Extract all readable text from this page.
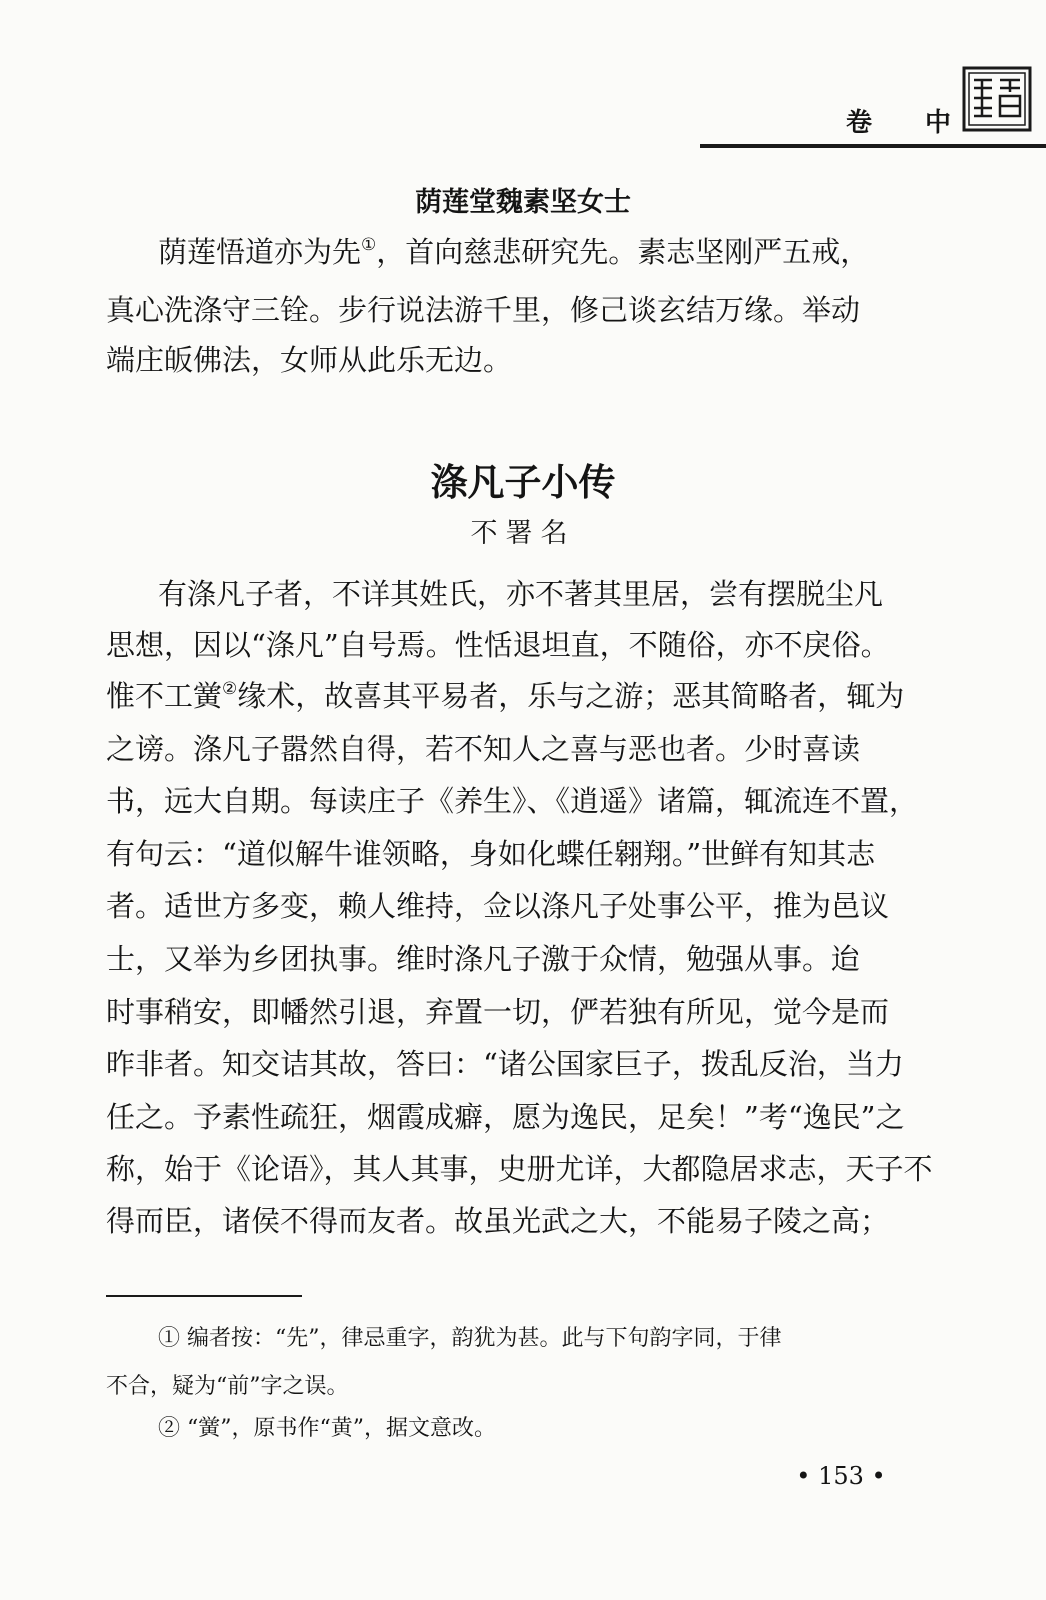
卷 中
荫莲堂魏素坚女士
荫莲悟道亦为先①，首向慈悲研究先。素志坚刚严五戒，
真心洗涤守三铨。步行说法游千里，修己谈玄结万缘。举动
端庄皈佛法，女师从此乐无边。
涤凡子小传
不署名
有涤凡子者，不详其姓氏，亦不著其里居，尝有摆脱尘凡
思想，因以“涤凡”自号焉。性恬退坦直，不随俗，亦不戾俗。
惟不工黉②缘术，故喜其平易者，乐与之游；恶其简略者，辄为
之谤。涤凡子嚣然自得，若不知人之喜与恶也者。少时喜读
书，远大自期。每读庄子《养生》、《逍遥》诸篇，辄流连不置，
有句云：“道似解牛谁领略，身如化蝶任翱翔。”世鲜有知其志
者。适世方多变，赖人维持，佥以涤凡子处事公平，推为邑议
士，又举为乡团执事。维时涤凡子激于众情，勉强从事。迨
时事稍安，即幡然引退，弃置一切，俨若独有所见，觉今是而
昨非者。知交诘其故，答曰：“诸公国家巨子，拨乱反治，当力
任之。予素性疏狂，烟霞成癖，愿为逸民，足矣！”考“逸民”之
称，始于《论语》，其人其事，史册尤详，大都隐居求志，天子不
得而臣，诸侯不得而友者。故虽光武之大，不能易子陵之高；
① 编者按：“先”，律忌重字，韵犹为甚。此与下句韵字同，于律
不合，疑为“前”字之误。
② “黉”，原书作“黄”，据文意改。
• 153 •
